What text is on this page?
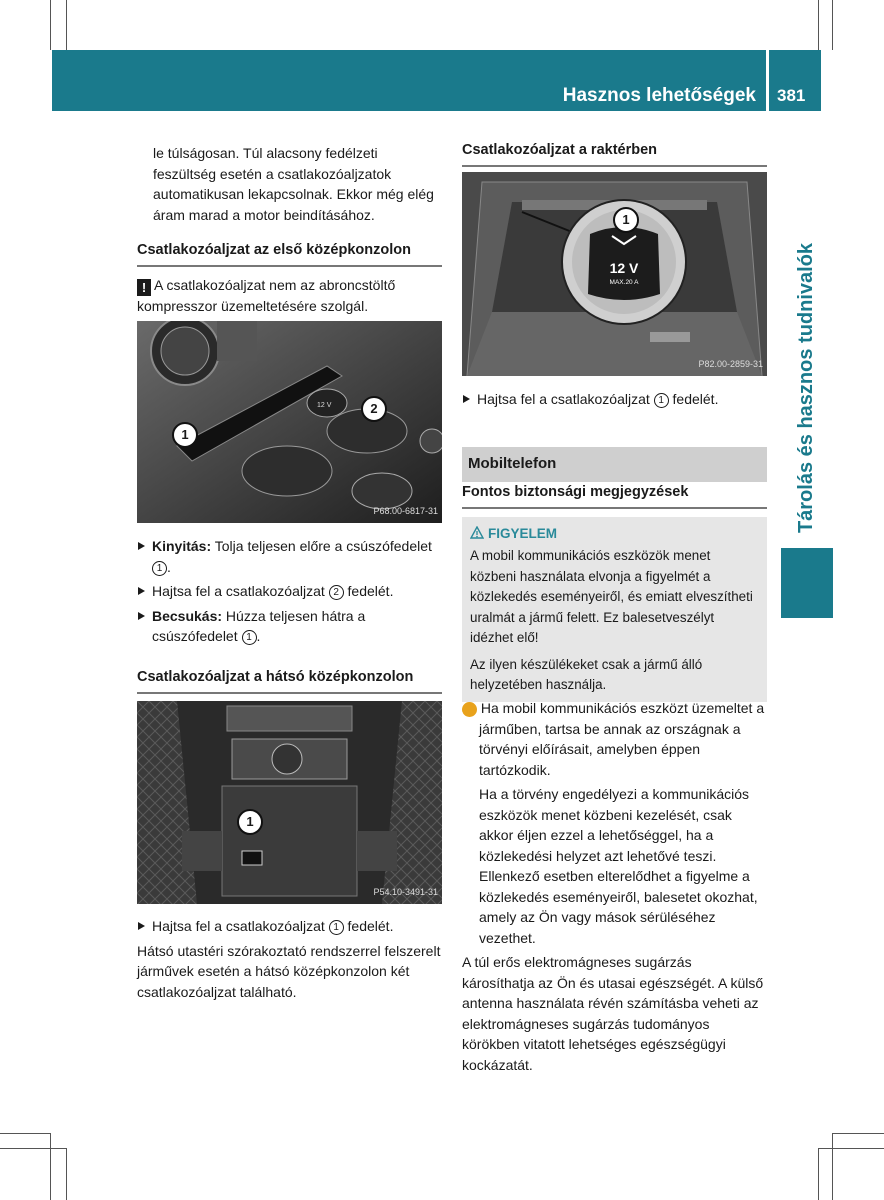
Hasznos lehetőségek 381
Tárolás és hasznos tudnivalók

le túlságosan. Túl alacsony fedélzeti feszültség esetén a csatlakozóaljzatok automatikusan lekapcsolnak. Ekkor még elég áram marad a motor beindításához.

Csatlakozóaljzat az első középkonzolon

! A csatlakozóaljzat nem az abroncstöltő kompresszor üzemeltetésére szolgál.

12 V
1
2
P68.00-6817-31
Kinyitás: Tolja teljesen előre a csúszófedelet 1 .
Hajtsa fel a csatlakozóaljzat 2 fedelét.
Becsukás: Húzza teljesen hátra a csúszófedelet 1 .
Csatlakozóaljzat a hátsó középkonzolon
1
P54.10-3491-31
Hajtsa fel a csatlakozóaljzat 1 fedelét.

Hátsó utastéri szórakoztató rendszerrel felszerelt járművek esetén a hátsó középkonzolon két csatlakozóaljzat található.

Csatlakozóaljzat a raktérben
1
12 V
MAX.20 A
P82.00-2859-31
Hajtsa fel a csatlakozóaljzat 1 fedelét.
Mobiltelefon
Fontos biztonsági megjegyzések
FIGYELEM

A mobil kommunikációs eszközök menet közbeni használata elvonja a figyelmét a közlekedés eseményeiről, és emiatt elveszítheti uralmát a jármű felett. Ez balesetveszélyt idézhet elő!

Az ilyen készülékeket csak a jármű álló helyzetében használja.

i Ha mobil kommunikációs eszközt üzemeltet a járműben, tartsa be annak az országnak a törvényi előírásait, amelyben éppen tartózkodik.

Ha a törvény engedélyezi a kommunikációs eszközök menet közbeni kezelését, csak akkor éljen ezzel a lehetőséggel, ha a közlekedési helyzet azt lehetővé teszi. Ellenkező esetben elterelődhet a figyelme a közlekedés eseményeiről, balesetet okozhat, amely az Ön vagy mások sérüléséhez vezethet.

A túl erős elektromágneses sugárzás károsíthatja az Ön és utasai egészségét. A külső antenna használata révén számításba veheti az elektromágneses sugárzás tudományos körökben vitatott lehetséges egészségügyi kockázatát.
